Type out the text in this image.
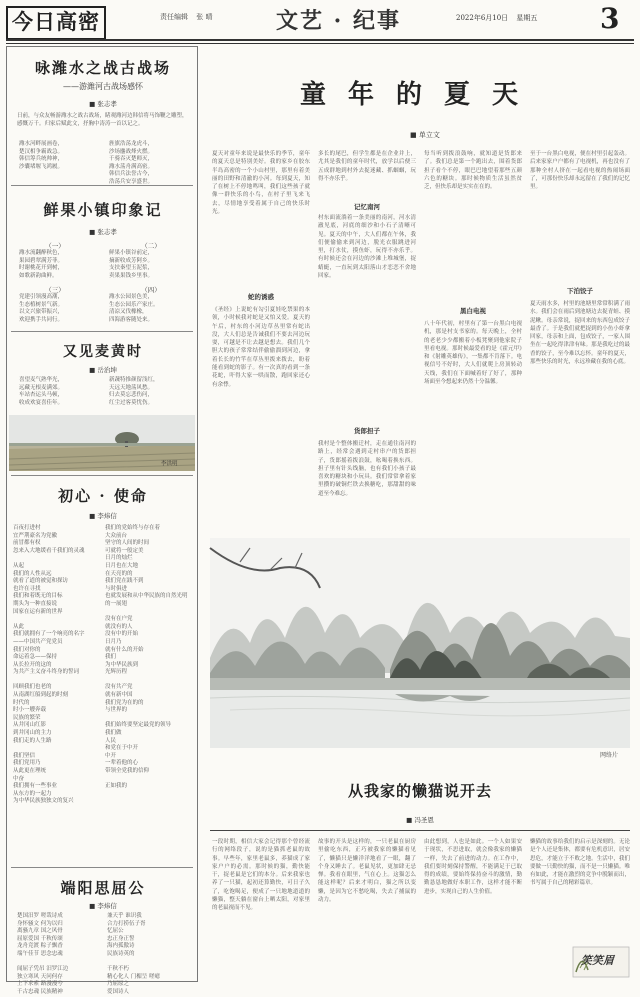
今日高密	责任编辑 张 晴	文艺 · 纪事	2022年6月10日 星期五 3
咏潍水之战古战场
——游潍河古战场感怀
■ 张志孝
日前，与众友畅游潍水之战古战场，睹观潍河边韩信将马饰鞭之雕塑，感慨万千。归家后赋此文，抒胸中涛涛一首以记之。
潍水河畔展画卷，
楚汉相争霸战急。
韩信筹兵统帅神，
沙囊堵堰飞鸿履。
旌旗浩荡龙虎斗，
沙场鏖战烽火燃。
千骑吞灭楚师灭，
潍水荡舟满高密。
韩信兵法誉古今，
浩荡兵安享盛世。
鲜果小镇印象记
■ 张志孝
（一）	（二）
潍水流翻醉秋色，
果园碧翠满芳菲。
时谢桃花开到树，
如歌新韵曲鲜。
鲜果小镇谷前定，
摘新收成芳阿乡。
支扶秦望玉泥浆，
卖果果钱乡里事。
（三）	（四）
党建引领漫高潮，
生态植树景气新。
以文兴旅带振兴，
欢迎携手共同行。
潍水公园景色美，
生态公园乐产家庄。
清凉又伐橡橡，
四海游客随处来。
又见麦黄时
■ 岳治坤
喜望麦气熟华光，
远藏无根麦满郊。
车站杏运头马顿，
收成欢宴喜佳年。
新蔬特推颜留浅红，
天远天地荡风愁。
归去莫忘悲伤问，
红尘过客莫忧伤。
李洪明
初心 · 使命
■ 李炜信
百夜打进村
宜严荆豪名为党徽
前冒都有权
忽来入大地缓看千我们的灵魂

从起
我们的人性从远
就看了道的被觉和探访
也许在寻找
我们和着既无的目标
期头为一种直接说
国家在运有新的世界

从此
我们就拥有了一个响亮的名字
——中国共产党党员
我们对你的
命运着急——保持
从长拉开的这的
为共产主义奋斗终身的誓词

回顾我们也老的
从南湖红船到起的时刻
时代的
时小一艘奔载
民族的繁荣
从井冈山红影
到井冈山的主力
我们走的人生路

我们坚信
我们党用乃
从此更在理统
中奋
我们拥有一些事业
从东方的一起力
为中华民族独独文的复兴
我们的党始终与存在着
大众前台
坚守的人间的时间
可就将一般定美
日月的灿烂
日月也在大地
在天亮的的
我们党在践不到
与时俱进
也就发展和从中华民族的自然光明
的一展翅

没有在户党
就没有的人
没有中的开始
日月乃
就有什么的开始
我们
为中华民族到
光辉历程

没有共产党
就有新中国
我们党为在的的
与世界的

我们始终要坚定最党的领导
我们做
人民
和党在于中开
中开
一辈着他的心
带领全党我的信仰

正如我的

端阳思屈公
■ 李炜信
楚国汨罗 嗟哉诗成
身怀骚文 何为以归
离骚九章 国之风骨
屈原爱国 千秋传颂
龙舟竞渡 粽子飘香
端午佳节 思念忠魂

闻屈子凭吊 汨罗江边
独立寒风 天问何存
上下求索 路漫漫兮
千古忠魂 民族精神
兼天乎 谁识我
合力打捞伍子胥
忆屈公
忠正身正誓
海内孤傲诗
民族诗英的

千秋不朽
精心化人 门楣呈 嗟噫
乃屈原之
爱国诗人
童年的夏天
■ 单立文
夏天对童年来说是最快乐的季节，童年的夏天总是特别美好。我的家乡在胶东半岛高密的一个小山村里，那里有着美丽的田野和清澈的小河。每到夏天，知了在树上不停地鸣叫，我们这些孩子就像一群快乐的小鸟，在村子里飞来飞去，尽情地享受着属于自己的快乐时光。
蛇的诱惑
《圣经》上说蛇有勾引夏娃吃禁果的本领，小时候我对蛇是又怕又爱。夏天的午后，村东的小河边草丛里常有蛇出没，大人们总是告诫我们不要去河边玩耍，可越是不让去越是想去。我们几个胆大的孩子常常结伴偷偷溜到河边，拿着长长的竹竿在草丛里拨来拨去，盼着能看到蛇的影子。有一次真的看到一条花蛇，吓得大家一哄而散，跑回家还心有余悸。
多长的尾巴，但学生都是在企业并上，尤其是我们的童年时代，放学以后便三五成群地到村外去捉迷藏、抓蝈蝈，玩得不亦乐乎。
记忆南河
村东面流淌着一条美丽的南河，河水清澈见底，河底的细沙和小石子清晰可见。夏天的中午，大人们都在午休，我们便偷偷来到河边，脱光衣服跳进河里，打水仗，摸鱼虾，玩得不亦乐乎。有时候还会在河边的沙滩上堆城堡，捉蜻蜓，一直玩到太阳落山才恋恋不舍地回家。
货郎担子
我村是个整体搬迁村，走在通往南河的路上，经常会遇到走村串户的货郎担子，货郎摇着拨浪鼓，吆喝着换东西。担子里有针头线脑，也有我们小孩子最喜欢的糖块和小玩具。我们常常拿着家里攒的破铜烂铁去换糖吃，那甜甜的味道至今难忘。
每当听到拨浪鼓响，就知道是货郎来了。我们总是第一个跑出去，围着货郎担子看个不停，眼巴巴地望着那些五颜六色的糖块。那时候物质生活虽然贫乏，但快乐却是实实在在的。
黑白电视
八十年代初，村里有了第一台黑白电视机，那是村支书家的。每天晚上，全村的老老少少都搬着小板凳聚到他家院子里看电视。那时候最爱看的是《霍元甲》和《射雕英雄传》，一集都不肯落下。电视信号不好时，大人们就爬上房顶转动天线，我们在下面喊着好了好了，那种场面至今想起来仍然十分温馨。
至于一台黑白电视，便在村里引起轰动。后来家家户户都有了电视机，再也没有了那种全村人挤在一起看电视的热闹场面了，可那份快乐却永远留在了我们的记忆里。
下泊饺子
夏天雨水多，村里的池塘里常常积满了雨水。我们会在雨后到池塘边去捉青蛙、摸泥鳅。母亲常说，捉回来的东西包成饺子最香了。于是我们就把捉到的小鱼小虾拿回家，母亲和上面，包成饺子，一家人围坐在一起吃得津津有味。那是我吃过的最香的饺子，至今难以忘怀。童年的夏天，那些快乐的时光，永远珍藏在我的心底。
网络片
从我家的懒猫说开去
■ 冯圣恩
一段时期，相信大家会记得那个曾经流行的网络段子，说的是猫抓老鼠的故事。早些年，家里老鼠多，养猫成了家家户户的必需。那时候的猫，勤快能干，捉老鼠是它们的本分。后来我家也养了一只猫，起初还算勤快，可日子久了，吃饱喝足，便成了一只地地道道的懒猫，整天躺在窗台上晒太阳，对家里的老鼠视而不见。
故事的开头是这样的，一只老鼠在厨房里偷吃东西，正巧被我家的懒猫看见了，懒猫只是懒洋洋地看了一眼，翻了个身又睡去了。老鼠见状，更加肆无忌惮。我看在眼里，气在心上。这猫怎么能这样呢？后来才明白，猫之所以变懒，是因为它不愁吃喝，失去了捕鼠的动力。
由此想到，人也是如此。一个人如果安于现状，不思进取，就会像我家的懒猫一样，失去了前进的动力。在工作中，我们要时刻保持警醒，不能满足于已取得的成绩，要始终保持奋斗的激情，勤勤恳恳地做好本职工作，这样才能不断进步，实现自己的人生价值。
懒猫的故事给我们的启示是深刻的。无论是个人还是集体，都要有危机意识，居安思危，才能立于不败之地。生活中，我们要做一只勤快的猫，而不是一只懒猫。唯有如此，才能在激烈的竞争中脱颖而出，书写属于自己的精彩篇章。
笑笑眉
